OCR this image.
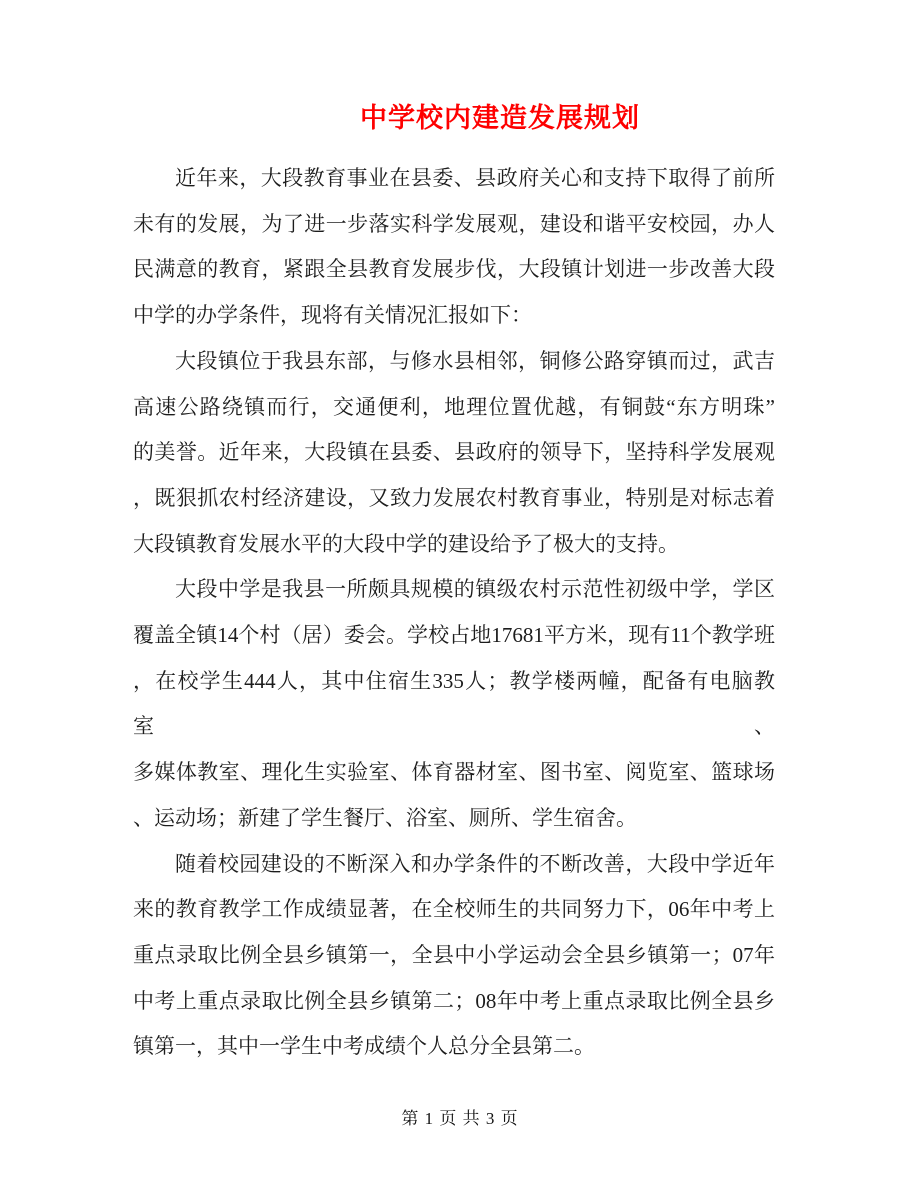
中学校内建造发展规划
近年来，大段教育事业在县委、县政府关心和支持下取得了前所
未有的发展，为了进一步落实科学发展观，建设和谐平安校园，办人
民满意的教育，紧跟全县教育发展步伐，大段镇计划进一步改善大段
中学的办学条件，现将有关情况汇报如下：
大段镇位于我县东部，与修水县相邻，铜修公路穿镇而过，武吉
高速公路绕镇而行，交通便利，地理位置优越，有铜鼓“东方明珠”
的美誉。近年来，大段镇在县委、县政府的领导下，坚持科学发展观
，既狠抓农村经济建设，又致力发展农村教育事业，特别是对标志着
大段镇教育发展水平的大段中学的建设给予了极大的支持。
大段中学是我县一所颇具规模的镇级农村示范性初级中学，学区
覆盖全镇14个村（居）委会。学校占地17681平方米，现有11个教学班
，在校学生444人，其中住宿生335人；教学楼两幢，配备有电脑教室、
多媒体教室、理化生实验室、体育器材室、图书室、阅览室、篮球场
、运动场；新建了学生餐厅、浴室、厕所、学生宿舍。
随着校园建设的不断深入和办学条件的不断改善，大段中学近年
来的教育教学工作成绩显著，在全校师生的共同努力下，06年中考上
重点录取比例全县乡镇第一，全县中小学运动会全县乡镇第一；07年
中考上重点录取比例全县乡镇第二；08年中考上重点录取比例全县乡
镇第一，其中一学生中考成绩个人总分全县第二。
第 1 页 共 3 页
